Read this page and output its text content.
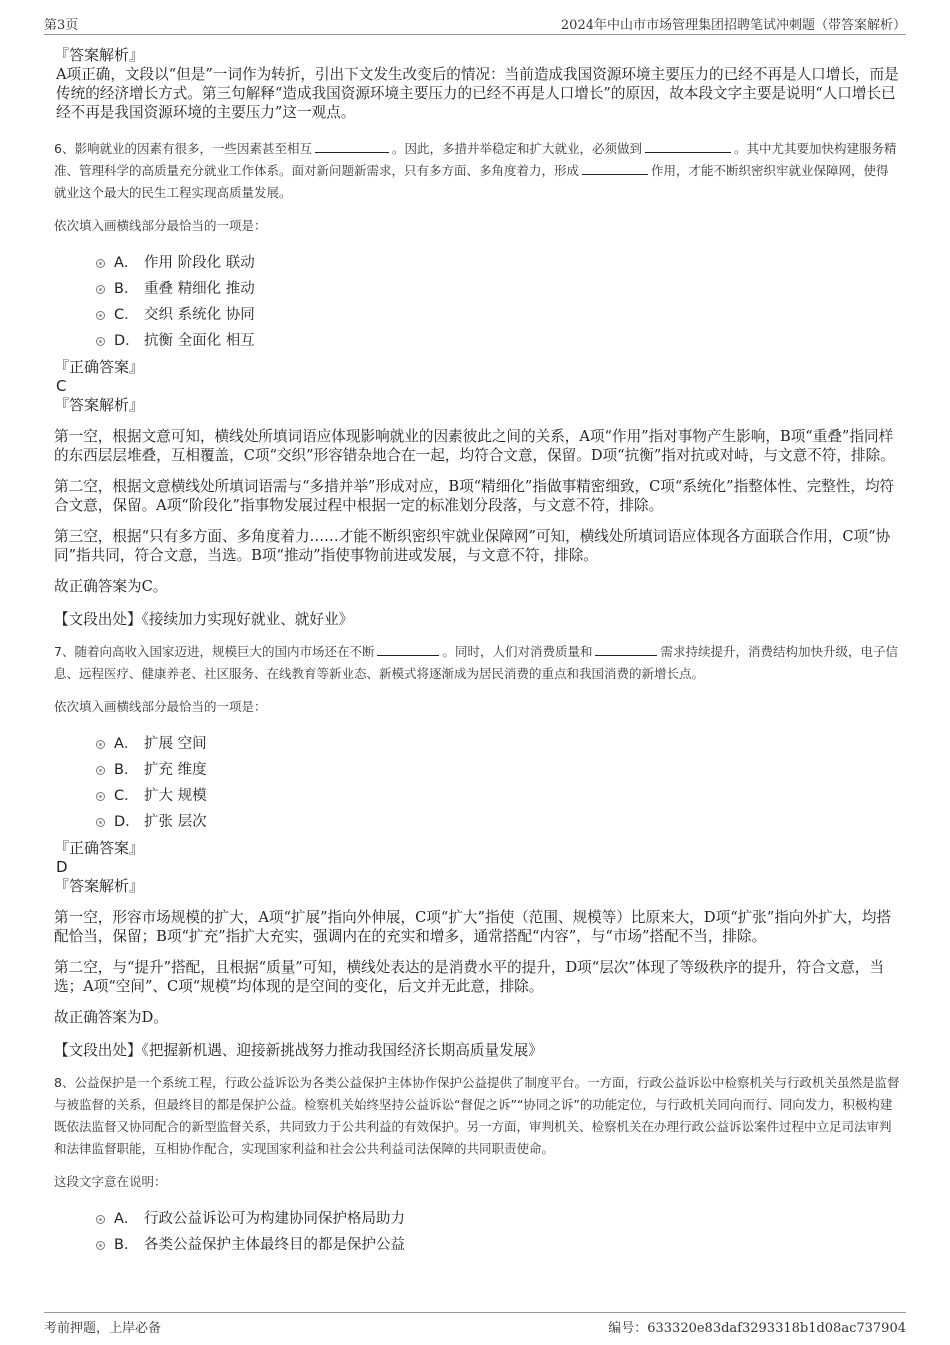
第3页	2024年中山市市场管理集团招聘笔试冲刺题（带答案解析）

『答案解析』

A项正确，文段以“但是”一词作为转折，引出下文发生改变后的情况：当前造成我国资源环境主要压力的已经不再是人口增长，而是传统的经济增长方式。第三句解释“造成我国资源环境主要压力的已经不再是人口增长”的原因，故本段文字主要是说明“人口增长已经不再是我国资源环境的主要压力”这一观点。

6、影响就业的因素有很多，一些因素甚至相互	。因此，多措并举稳定和扩大就业，必须做到	。其中尤其要加快构建服务精准、管理科学的高质量充分就业工作体系。面对新问题新需求，只有多方面、多角度着力，形成	作用，才能不断织密织牢就业保障网，使得就业这个最大的民生工程实现高质量发展。

依次填入画横线部分最恰当的一项是：

A． 作用 阶段化 联动
B． 重叠 精细化 推动
C． 交织 系统化 协同
D． 抗衡 全面化 相互

『正确答案』

C

『答案解析』

第一空，根据文意可知，横线处所填词语应体现影响就业的因素彼此之间的关系，A项“作用”指对事物产生影响，B项“重叠”指同样的东西层层堆叠，互相覆盖，C项“交织”形容错杂地合在一起，均符合文意，保留。D项“抗衡”指对抗或对峙，与文意不符，排除。

第二空，根据文意横线处所填词语需与“多措并举”形成对应，B项“精细化”指做事精密细致，C项“系统化”指整体性、完整性，均符合文意，保留。A项“阶段化”指事物发展过程中根据一定的标准划分段落，与文意不符，排除。

第三空，根据“只有多方面、多角度着力……才能不断织密织牢就业保障网”可知，横线处所填词语应体现各方面联合作用，C项“协同”指共同，符合文意，当选。B项“推动”指使事物前进或发展，与文意不符，排除。

故正确答案为C。

【文段出处】《接续加力实现好就业、就好业》

7、随着向高收入国家迈进，规模巨大的国内市场还在不断	。同时，人们对消费质量和	需求持续提升，消费结构加快升级，电子信息、远程医疗、健康养老、社区服务、在线教育等新业态、新模式将逐渐成为居民消费的重点和我国消费的新增长点。

依次填入画横线部分最恰当的一项是：

A． 扩展 空间
B． 扩充 维度
C． 扩大 规模
D． 扩张 层次

『正确答案』

D

『答案解析』

第一空，形容市场规模的扩大，A项“扩展”指向外伸展，C项“扩大”指使（范围、规模等）比原来大，D项“扩张”指向外扩大，均搭配恰当，保留；B项“扩充”指扩大充实，强调内在的充实和增多，通常搭配“内容”，与“市场”搭配不当，排除。

第二空，与“提升”搭配，且根据“质量”可知，横线处表达的是消费水平的提升，D项“层次”体现了等级秩序的提升，符合文意，当选；A项“空间”、C项“规模”均体现的是空间的变化，后文并无此意，排除。

故正确答案为D。

【文段出处】《把握新机遇、迎接新挑战努力推动我国经济长期高质量发展》

8、公益保护是一个系统工程，行政公益诉讼为各类公益保护主体协作保护公益提供了制度平台。一方面，行政公益诉讼中检察机关与行政机关虽然是监督与被监督的关系，但最终目的都是保护公益。检察机关始终坚持公益诉讼“督促之诉”“协同之诉”的功能定位，与行政机关同向而行、同向发力，积极构建既依法监督又协同配合的新型监督关系，共同致力于公共利益的有效保护。另一方面，审判机关、检察机关在办理行政公益诉讼案件过程中立足司法审判和法律监督职能，互相协作配合，实现国家利益和社会公共利益司法保障的共同职责使命。

这段文字意在说明：

A． 行政公益诉讼可为构建协同保护格局助力
B． 各类公益保护主体最终目的都是保护公益
考前押题，上岸必备	编号：633320e83daf3293318b1d08ac737904
